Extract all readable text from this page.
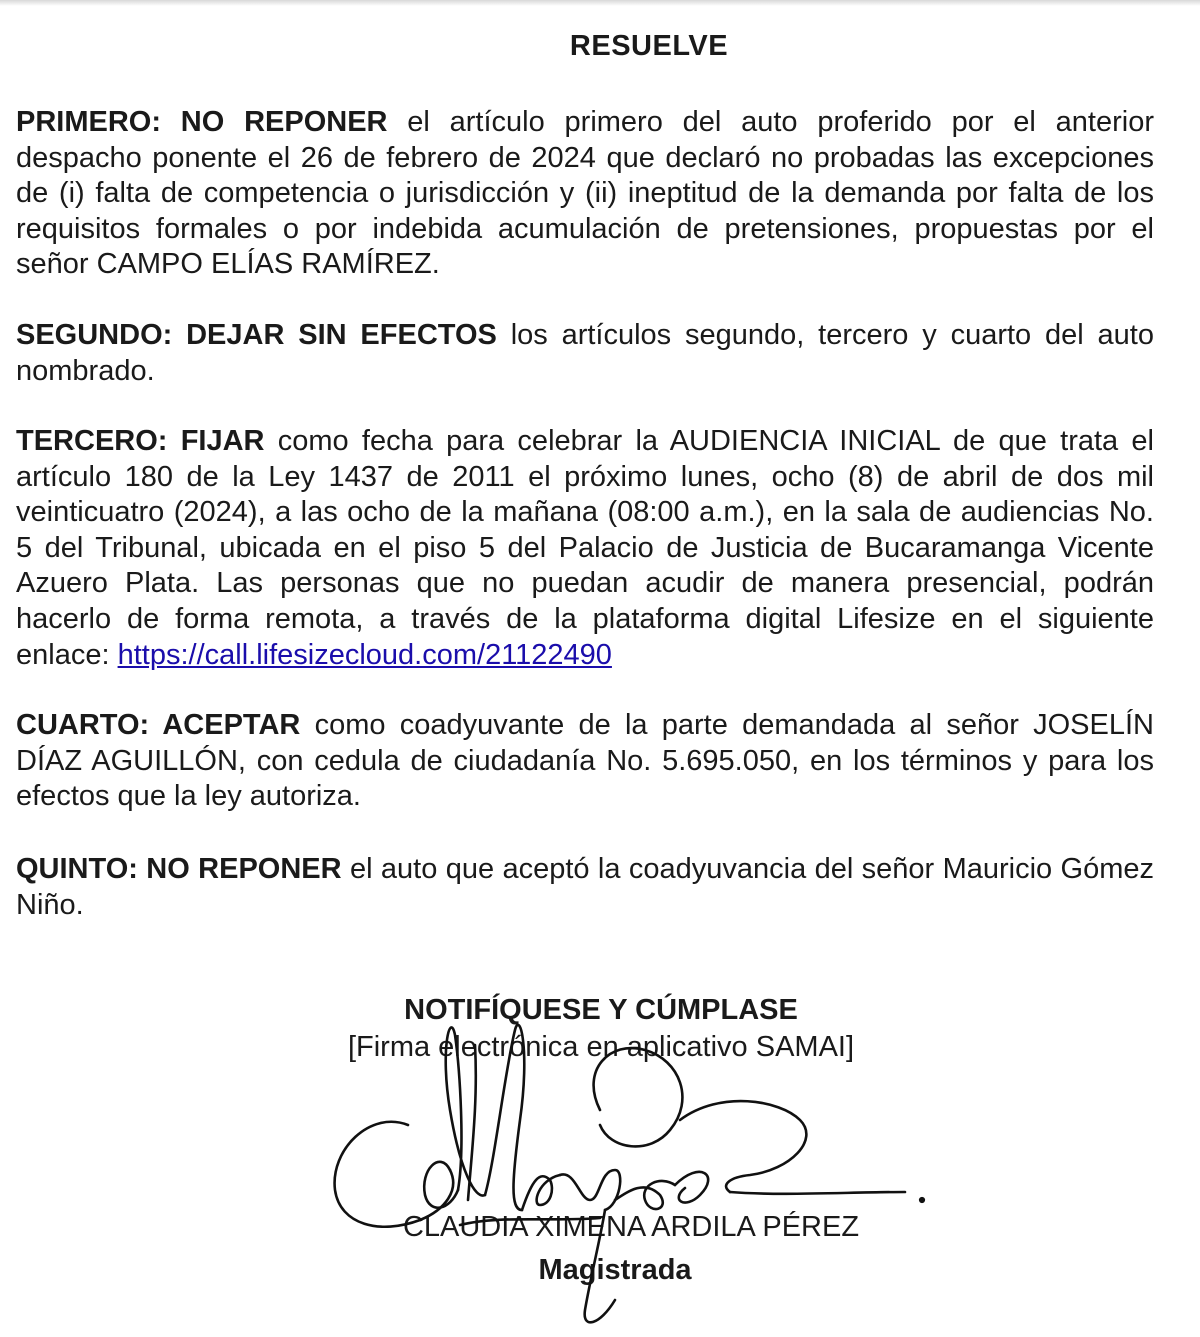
RESUELVE

PRIMERO: NO REPONER el artículo primero del auto proferido por el anterior despacho ponente el 26 de febrero de 2024 que declaró no probadas las excepciones de (i) falta de competencia o jurisdicción y (ii) ineptitud de la demanda por falta de los requisitos formales o por indebida acumulación de pretensiones, propuestas por el señor CAMPO ELÍAS RAMÍREZ.

SEGUNDO: DEJAR SIN EFECTOS los artículos segundo, tercero y cuarto del auto nombrado.

TERCERO: FIJAR como fecha para celebrar la AUDIENCIA INICIAL de que trata el artículo 180 de la Ley 1437 de 2011 el próximo lunes, ocho (8) de abril de dos mil veinticuatro (2024), a las ocho de la mañana (08:00 a.m.), en la sala de audiencias No. 5 del Tribunal, ubicada en el piso 5 del Palacio de Justicia de Bucaramanga Vicente Azuero Plata. Las personas que no puedan acudir de manera presencial, podrán hacerlo de forma remota, a través de la plataforma digital Lifesize en el siguiente enlace: https://call.lifesizecloud.com/21122490

CUARTO: ACEPTAR como coadyuvante de la parte demandada al señor JOSELÍN DÍAZ AGUILLÓN, con cedula de ciudadanía No. 5.695.050, en los términos y para los efectos que la ley autoriza.

QUINTO: NO REPONER el auto que aceptó la coadyuvancia del señor Mauricio Gómez Niño.

NOTIFÍQUESE Y CÚMPLASE
[Firma electrónica en aplicativo SAMAI]
CLAUDIA XIMENA ARDILA PÉREZ
Magistrada
